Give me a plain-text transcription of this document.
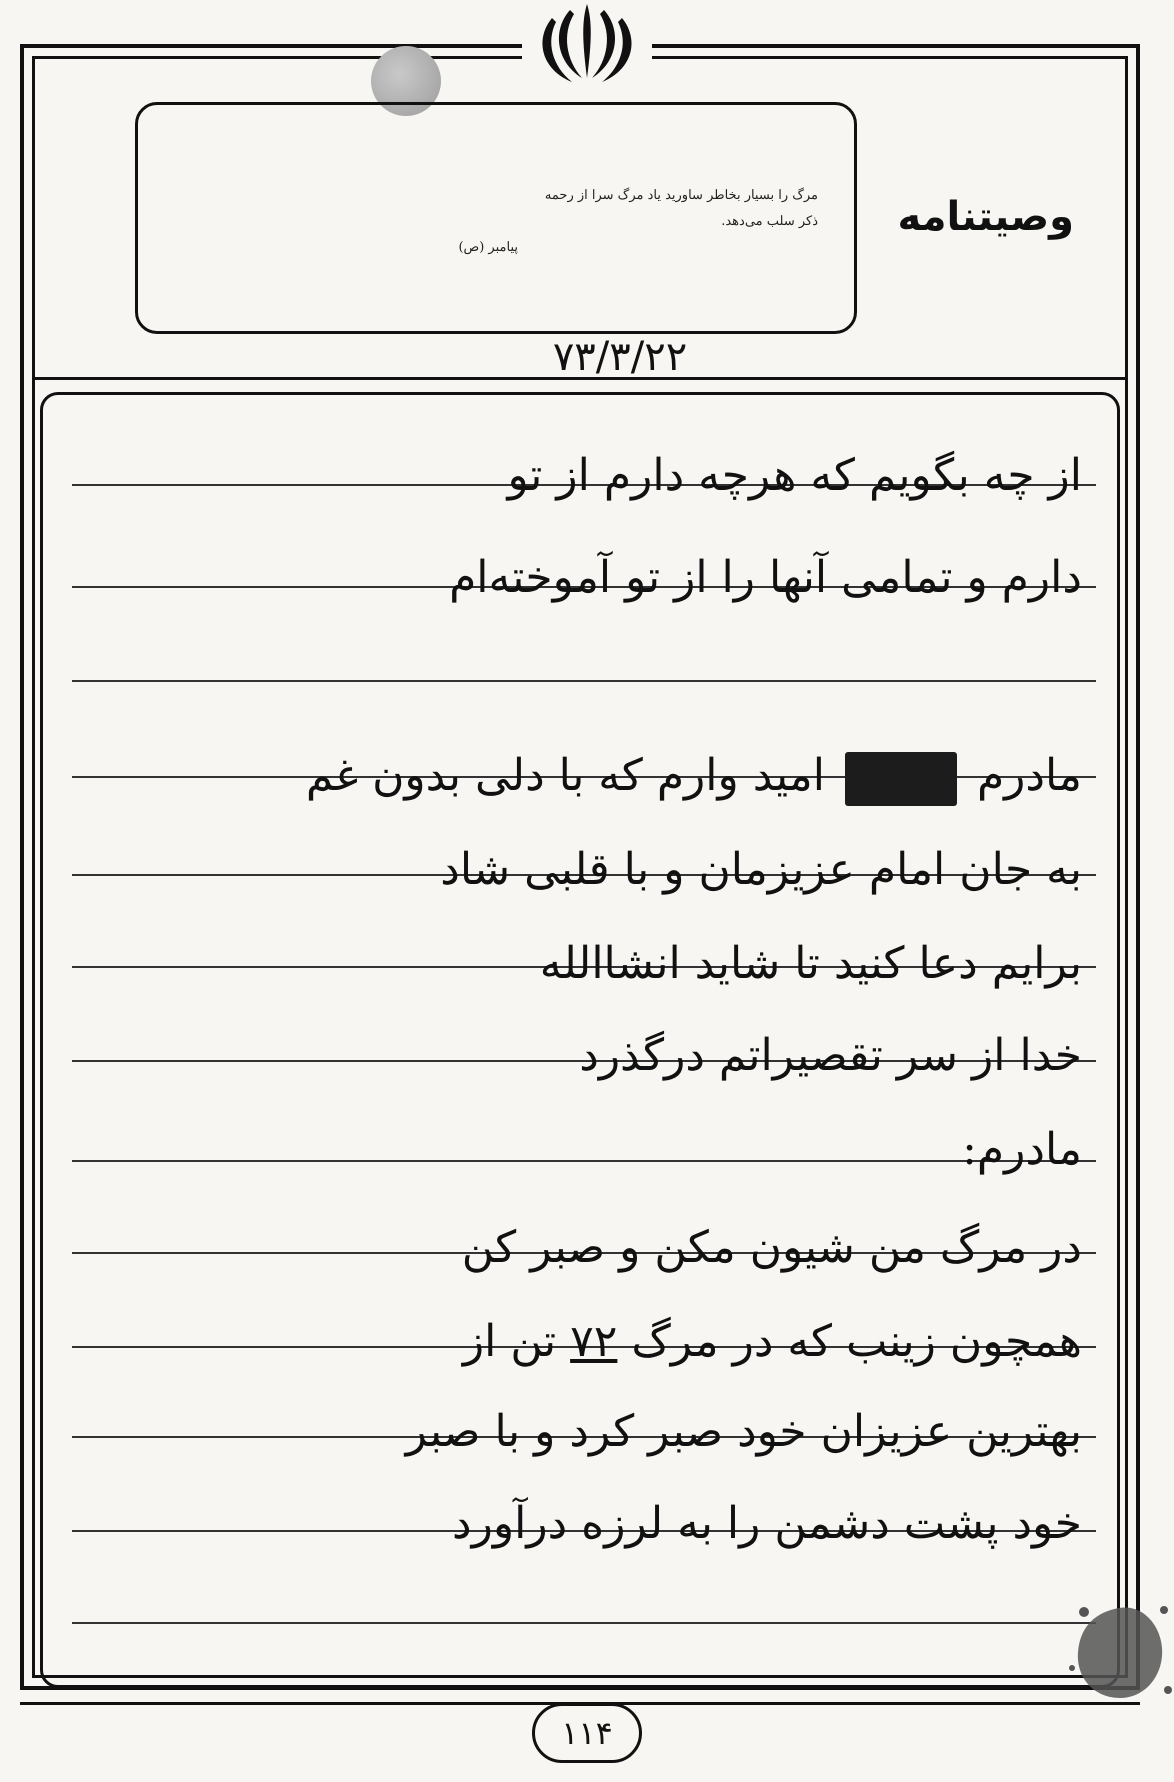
مرگ را بسیار بخاطر ساورید یاد مرگ سرا از رحمه
ذکر سلب می‌دهد.
پیامبر (ص)
وصیتنامه
۷۳/۳/۲۲
از چه بگویم که هرچه دارم از تو
دارم و تمامی آنها را از تو آموخته‌ام
مادرم  امید وارم که با دلی بدون غم
به جان امام عزیزمان و با قلبی شاد
برایم دعا کنید تا شاید انشاالله
خدا از سر تقصیراتم درگذرد
مادرم:
در مرگ من شیون مکن و صبر کن
همچون زینب که در مرگ ۷۲ تن از
بهترین عزیزان خود صبر کرد و با صبر
خود پشت دشمن را به لرزه درآورد
۱۱۴
